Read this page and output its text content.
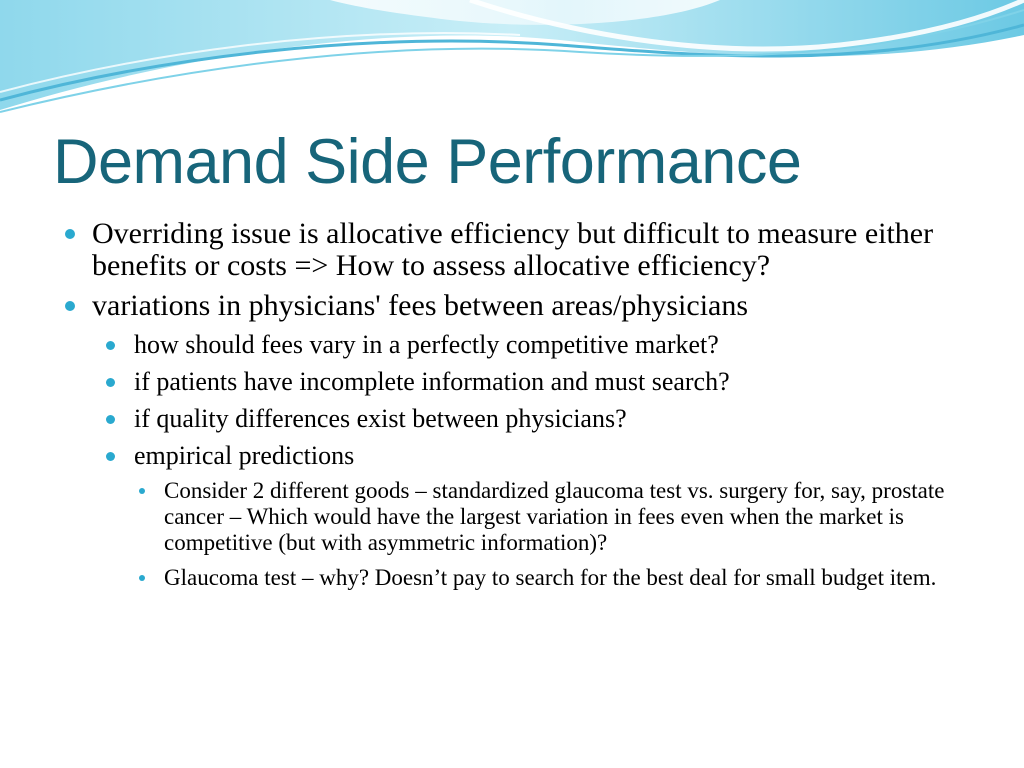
Demand Side Performance
Overriding issue is allocative efficiency but difficult to measure either benefits or costs => How to assess allocative efficiency?
variations in physicians' fees between areas/physicians
how should fees vary in a perfectly competitive market?
if patients have incomplete information and must search?
if quality differences exist between physicians?
empirical predictions
Consider 2 different goods – standardized glaucoma test vs. surgery for, say, prostate cancer – Which would have the largest variation in fees even when the market is competitive (but with asymmetric information)?
Glaucoma test – why? Doesn’t pay to search for the best deal for small budget item.
